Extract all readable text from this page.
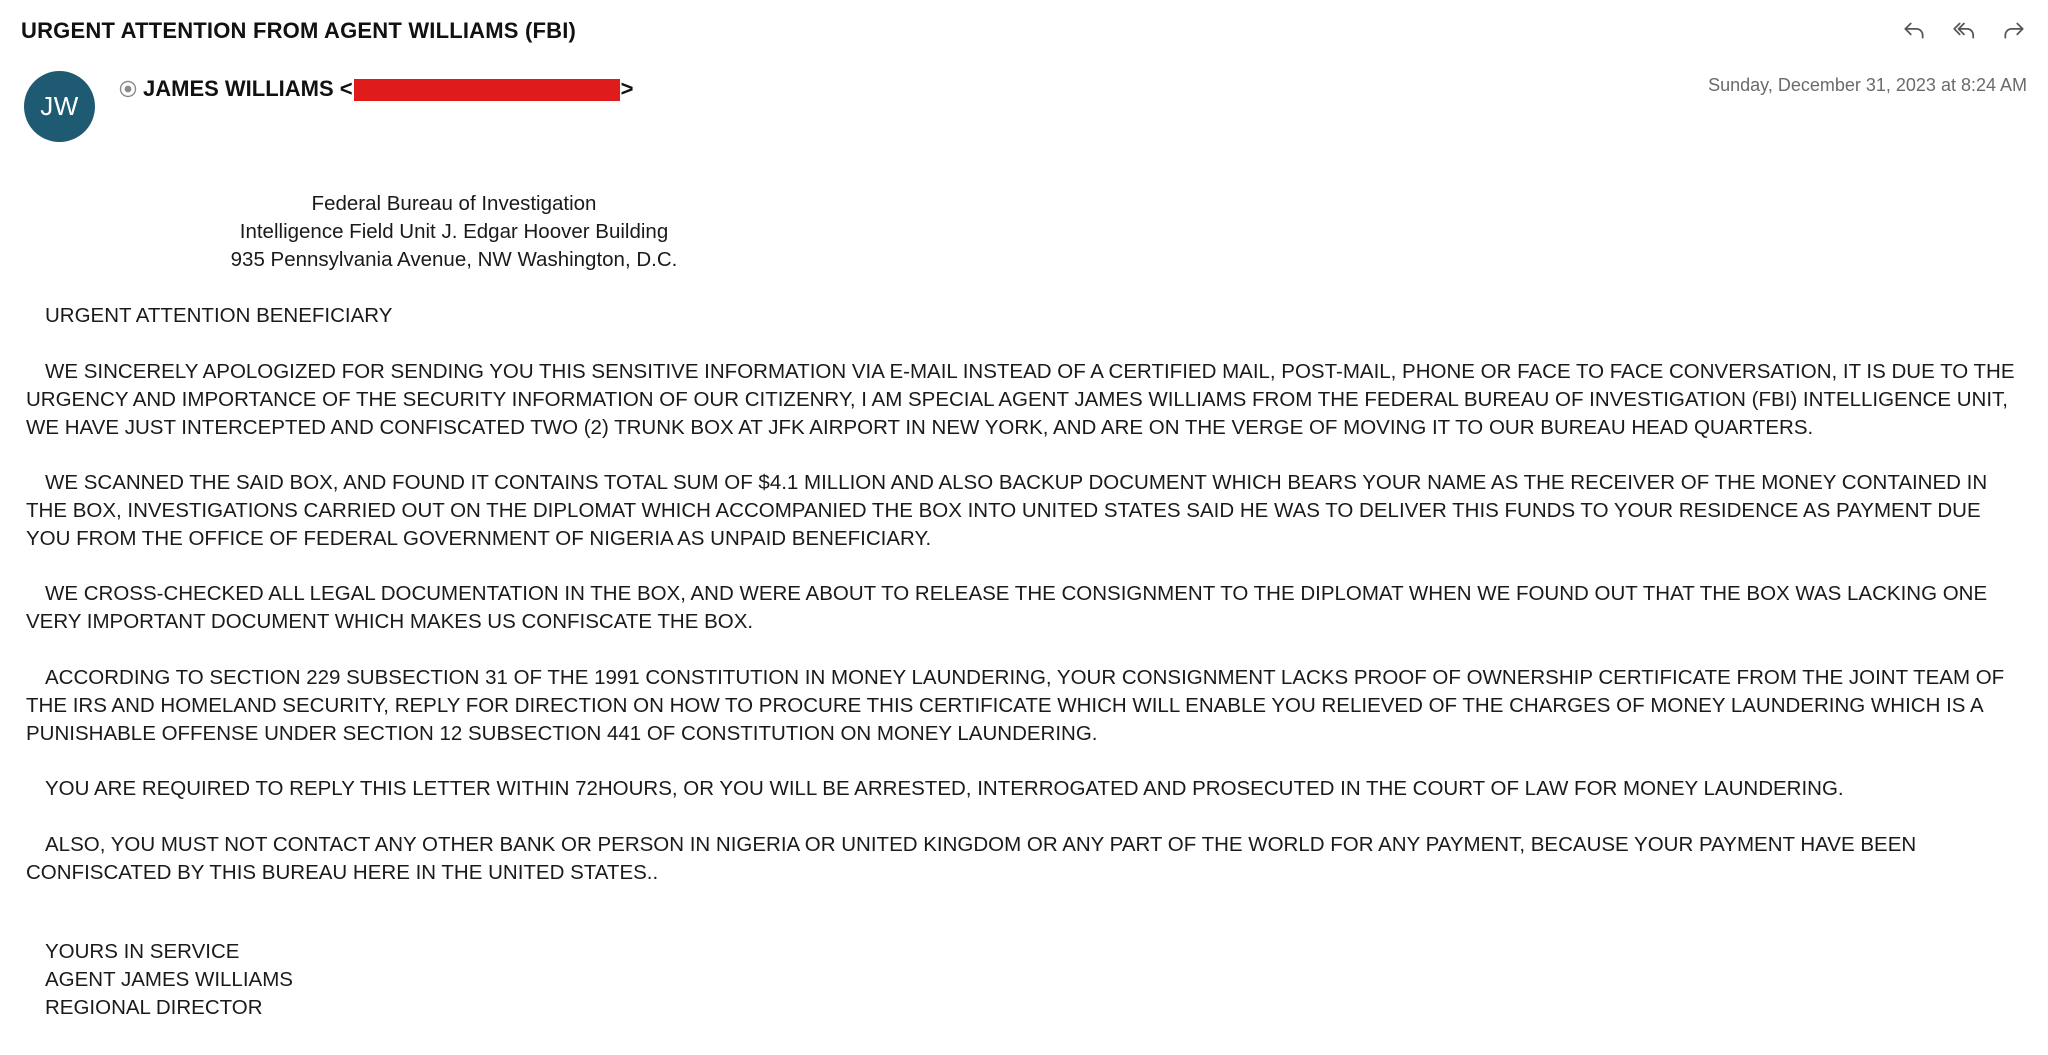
URGENT ATTENTION FROM AGENT WILLIAMS (FBI)
JW
JAMES WILLIAMS
<	>	Sunday, December 31, 2023 at 8:24 AM
Federal Bureau of Investigation
Intelligence Field Unit J. Edgar Hoover Building
935 Pennsylvania Avenue, NW Washington, D.C.

URGENT ATTENTION BENEFICIARY

WE SINCERELY APOLOGIZED FOR SENDING YOU THIS SENSITIVE INFORMATION VIA E-MAIL INSTEAD OF A CERTIFIED MAIL, POST-MAIL, PHONE OR FACE TO FACE CONVERSATION, IT IS DUE TO THE URGENCY AND IMPORTANCE OF THE SECURITY INFORMATION OF OUR CITIZENRY, I AM SPECIAL AGENT JAMES WILLIAMS FROM THE FEDERAL BUREAU OF INVESTIGATION (FBI) INTELLIGENCE UNIT, WE HAVE JUST INTERCEPTED AND CONFISCATED TWO (2) TRUNK BOX AT JFK AIRPORT IN NEW YORK, AND ARE ON THE VERGE OF MOVING IT TO OUR BUREAU HEAD QUARTERS.

WE SCANNED THE SAID BOX, AND FOUND IT CONTAINS TOTAL SUM OF $4.1 MILLION AND ALSO BACKUP DOCUMENT WHICH BEARS YOUR NAME AS THE RECEIVER OF THE MONEY CONTAINED IN THE BOX, INVESTIGATIONS CARRIED OUT ON THE DIPLOMAT WHICH ACCOMPANIED THE BOX INTO UNITED STATES SAID HE WAS TO DELIVER THIS FUNDS TO YOUR RESIDENCE AS PAYMENT DUE YOU FROM THE OFFICE OF FEDERAL GOVERNMENT OF NIGERIA AS UNPAID BENEFICIARY.

WE CROSS-CHECKED ALL LEGAL DOCUMENTATION IN THE BOX, AND WERE ABOUT TO RELEASE THE CONSIGNMENT TO THE DIPLOMAT WHEN WE FOUND OUT THAT THE BOX WAS LACKING ONE VERY IMPORTANT DOCUMENT WHICH MAKES US CONFISCATE THE BOX.

ACCORDING TO SECTION 229 SUBSECTION 31 OF THE 1991 CONSTITUTION IN MONEY LAUNDERING, YOUR CONSIGNMENT LACKS PROOF OF OWNERSHIP CERTIFICATE FROM THE JOINT TEAM OF THE IRS AND HOMELAND SECURITY, REPLY FOR DIRECTION ON HOW TO PROCURE THIS CERTIFICATE WHICH WILL ENABLE YOU RELIEVED OF THE CHARGES OF MONEY LAUNDERING WHICH IS A PUNISHABLE OFFENSE UNDER SECTION 12 SUBSECTION 441 OF CONSTITUTION ON MONEY LAUNDERING.

YOU ARE REQUIRED TO REPLY THIS LETTER WITHIN 72HOURS, OR YOU WILL BE ARRESTED, INTERROGATED AND PROSECUTED IN THE COURT OF LAW FOR MONEY LAUNDERING.

ALSO, YOU MUST NOT CONTACT ANY OTHER BANK OR PERSON IN NIGERIA OR UNITED KINGDOM OR ANY PART OF THE WORLD FOR ANY PAYMENT, BECAUSE YOUR PAYMENT HAVE BEEN CONFISCATED BY THIS BUREAU HERE IN THE UNITED STATES..

YOURS IN SERVICE
AGENT JAMES WILLIAMS
REGIONAL DIRECTOR
